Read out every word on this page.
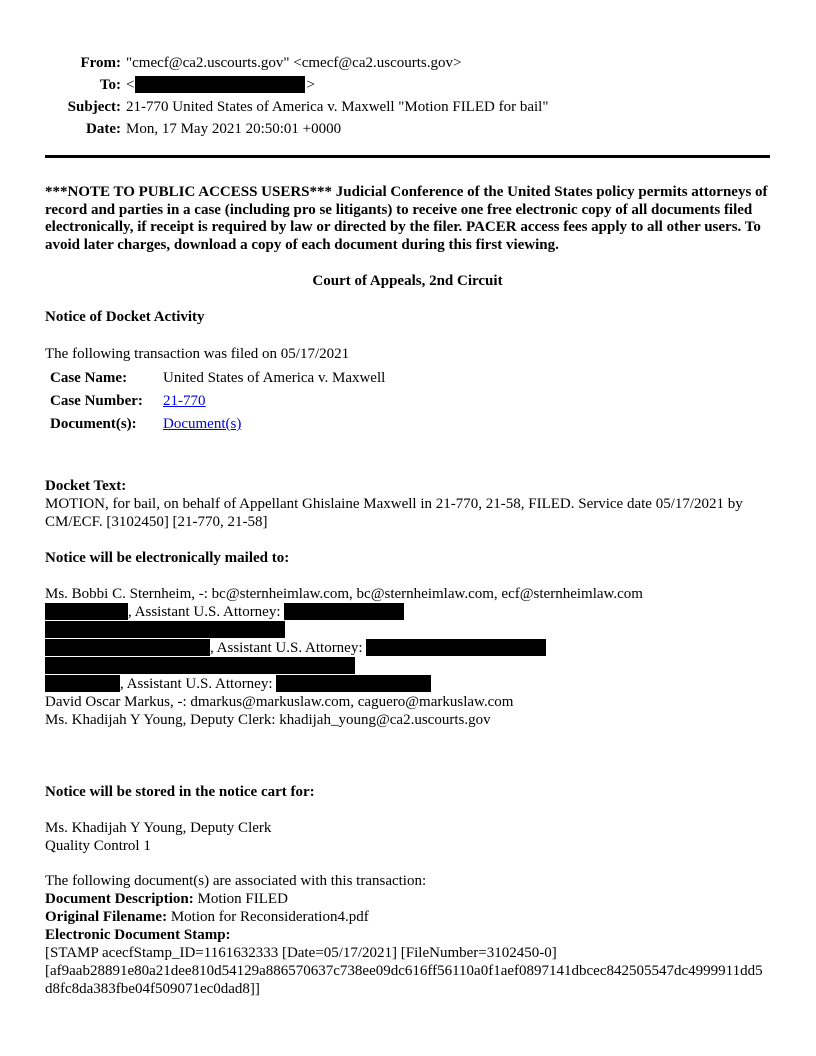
From: "cmecf@ca2.uscourts.gov" <cmecf@ca2.uscourts.gov>
To: <	>
Subject: 21-770 United States of America v. Maxwell "Motion FILED for bail"
Date: Mon, 17 May 2021 20:50:01 +0000
***NOTE TO PUBLIC ACCESS USERS*** Judicial Conference of the United States policy permits attorneys of record and parties in a case (including pro se litigants) to receive one free electronic copy of all documents filed electronically, if receipt is required by law or directed by the filer. PACER access fees apply to all other users. To avoid later charges, download a copy of each document during this first viewing.
Court of Appeals, 2nd Circuit
Notice of Docket Activity
The following transaction was filed on 05/17/2021
Case Name:	United States of America v. Maxwell
Case Number:	21-770
Document(s):	Document(s)
Docket Text:
MOTION, for bail, on behalf of Appellant Ghislaine Maxwell in 21-770, 21-58, FILED. Service date 05/17/2021 by CM/ECF. [3102450] [21-770, 21-58]
Notice will be electronically mailed to:
Ms. Bobbi C. Sternheim, -: bc@sternheimlaw.com, bc@sternheimlaw.com, ecf@sternheimlaw.com
, Assistant U.S. Attorney:
, Assistant U.S. Attorney:
, Assistant U.S. Attorney:
David Oscar Markus, -: dmarkus@markuslaw.com, caguero@markuslaw.com
Ms. Khadijah Y Young, Deputy Clerk: khadijah_young@ca2.uscourts.gov
Notice will be stored in the notice cart for:
Ms. Khadijah Y Young, Deputy Clerk
Quality Control 1
The following document(s) are associated with this transaction:
Document Description: Motion FILED
Original Filename: Motion for Reconsideration4.pdf
Electronic Document Stamp:
[STAMP acecfStamp_ID=1161632333 [Date=05/17/2021] [FileNumber=3102450-0]
[af9aab28891e80a21dee810d54129a886570637c738ee09dc616ff56110a0f1aef0897141dbcec842505547dc4999911dd5d8fc8da383fbe04f509071ec0dad8]]
